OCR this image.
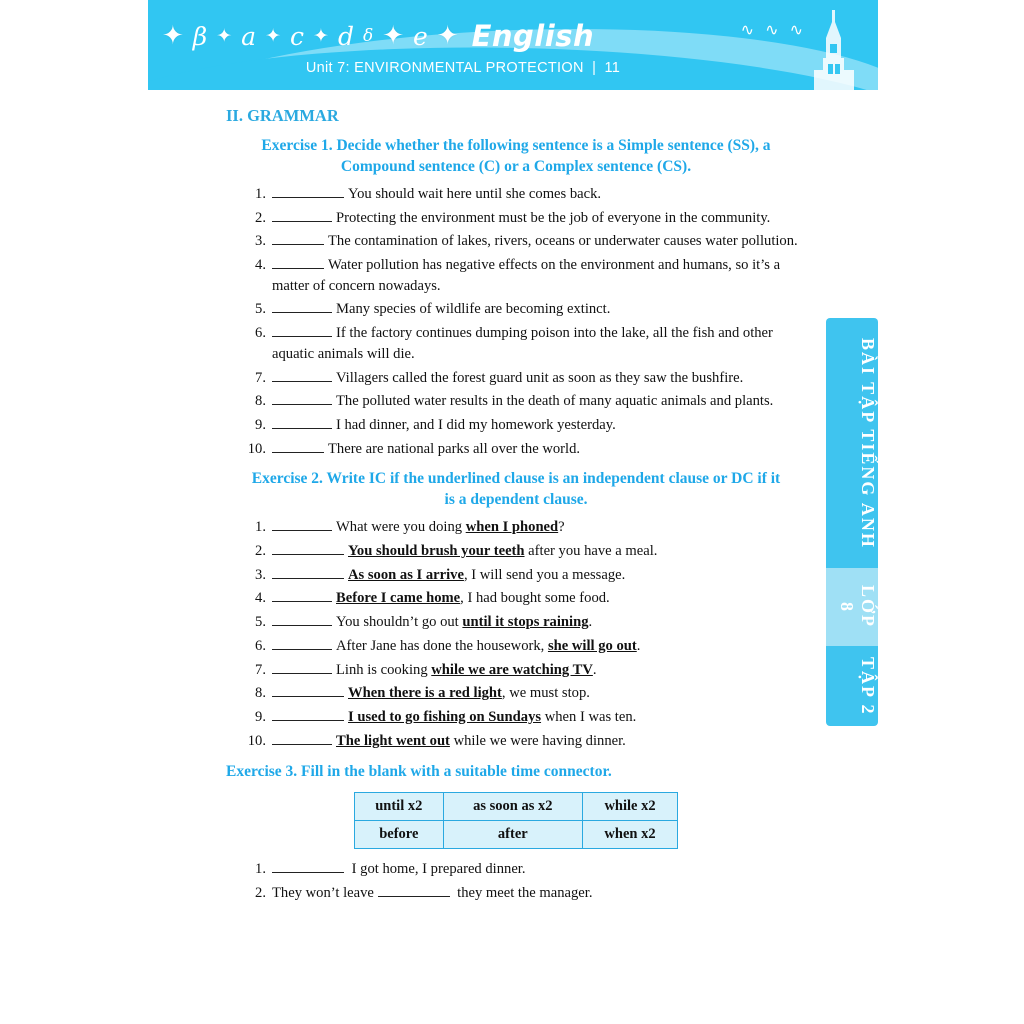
✦ β ✦ a ✦ c ✦ d δ ✦ e ✦ English	∿ ∿ ∿
Unit 7: ENVIRONMENTAL PROTECTION | 11
BÀI TẬP TIẾNG ANH
LỚP 8
TẬP 2
II. GRAMMAR
Exercise 1. Decide whether the following sentence is a Simple sentence (SS), a
Compound sentence (C) or a Complex sentence (CS).
1.	You should wait here until she comes back.
2.	Protecting the environment must be the job of everyone in the community.
3.	The contamination of lakes, rivers, oceans or underwater causes water pollution.
4.	Water pollution has negative effects on the environment and humans, so it’s a matter of concern nowadays.
5.	Many species of wildlife are becoming extinct.
6.	If the factory continues dumping poison into the lake, all the fish and other aquatic animals will die.
7.	Villagers called the forest guard unit as soon as they saw the bushfire.
8.	The polluted water results in the death of many aquatic animals and plants.
9.	I had dinner, and I did my homework yesterday.
10.	There are national parks all over the world.
Exercise 2. Write IC if the underlined clause is an independent clause or DC if it
is a dependent clause.
1.	What were you doing when I phoned?
2.	You should brush your teeth after you have a meal.
3.	As soon as I arrive, I will send you a message.
4.	Before I came home, I had bought some food.
5.	You shouldn’t go out until it stops raining.
6.	After Jane has done the housework, she will go out.
7.	Linh is cooking while we are watching TV.
8.	When there is a red light, we must stop.
9.	I used to go fishing on Sundays when I was ten.
10.	The light went out while we were having dinner.
Exercise 3. Fill in the blank with a suitable time connector.
until x2	as soon as x2	while x2
before	after	when x2
1.	I got home, I prepared dinner.
2. They won’t leave	they meet the manager.
